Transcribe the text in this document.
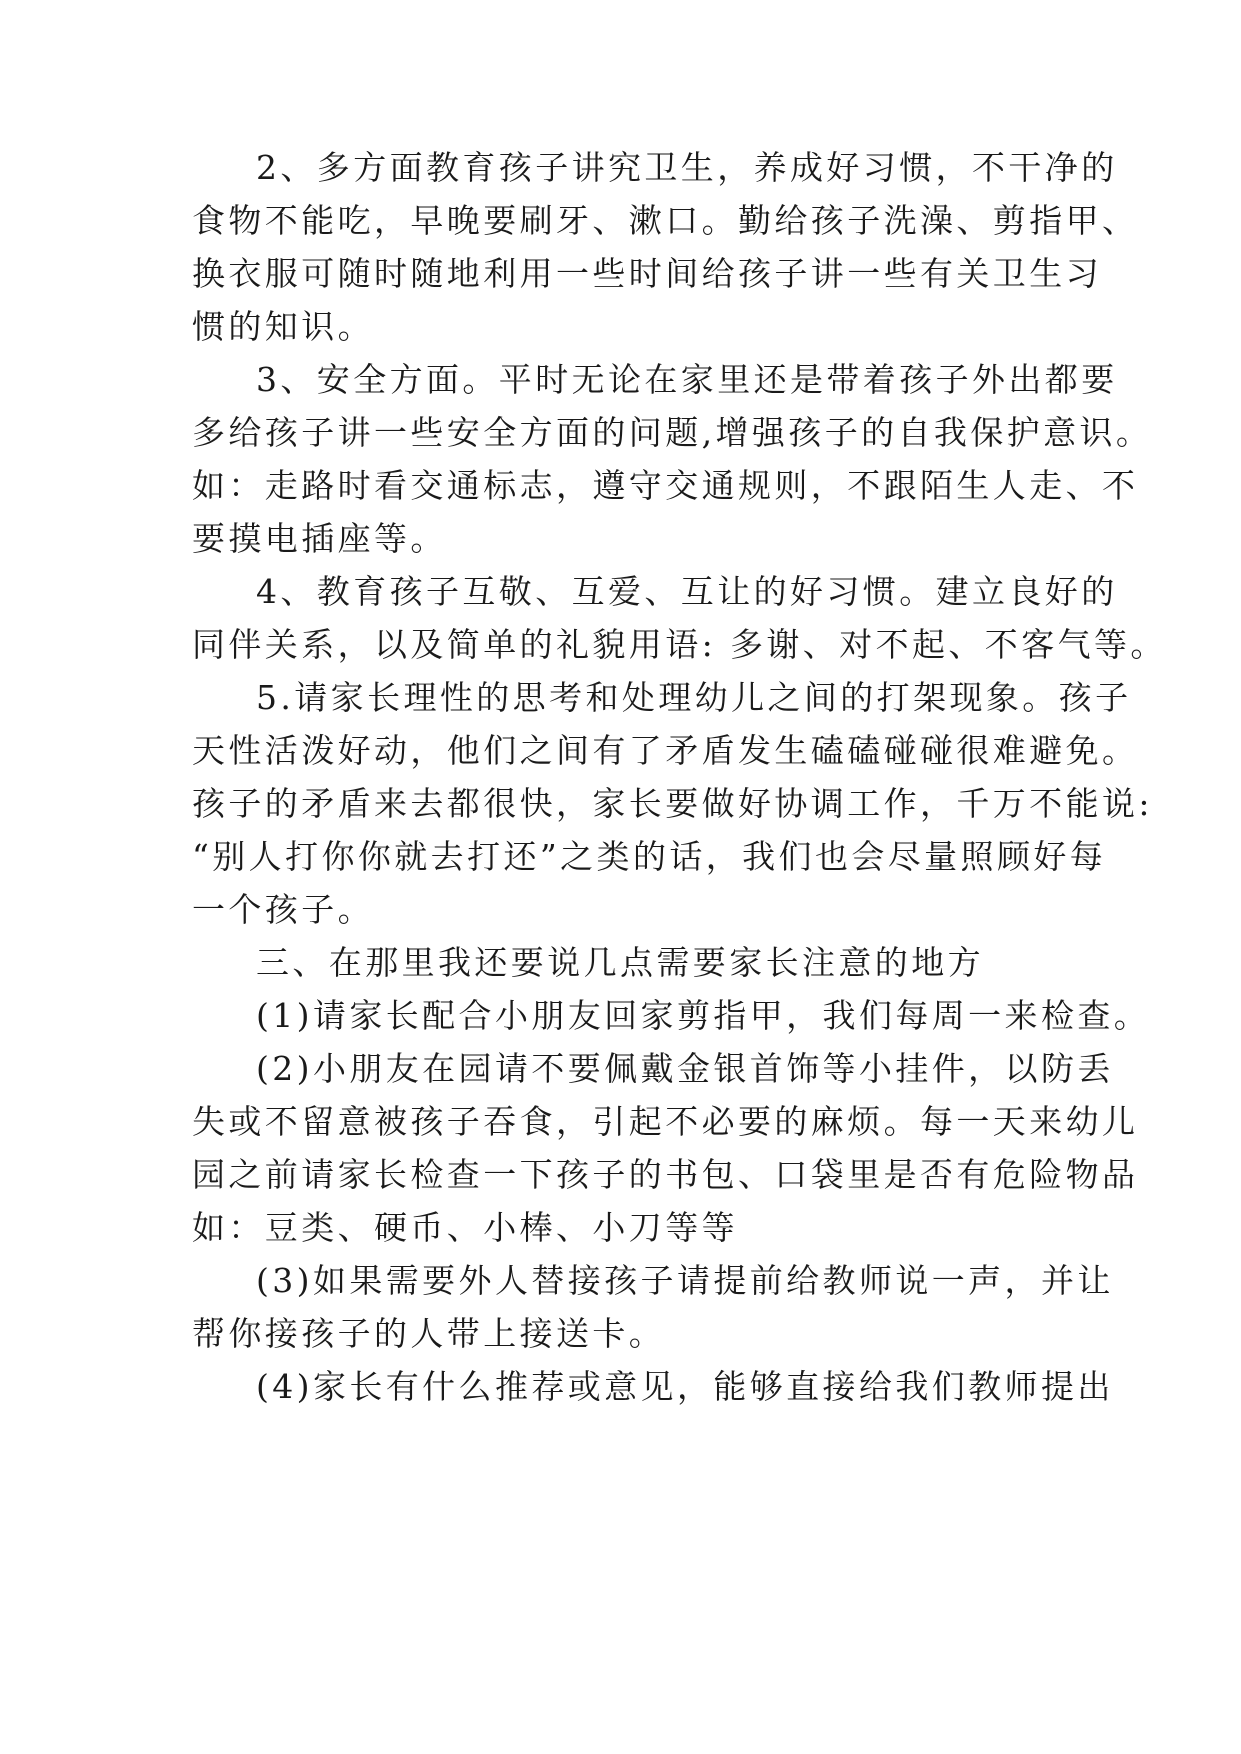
2、多方面教育孩子讲究卫生，养成好习惯，不干净的
食物不能吃，早晚要刷牙、漱口。勤给孩子洗澡、剪指甲、
换衣服可随时随地利用一些时间给孩子讲一些有关卫生习
惯的知识。
3、安全方面。平时无论在家里还是带着孩子外出都要
多给孩子讲一些安全方面的问题,增强孩子的自我保护意识。
如：走路时看交通标志，遵守交通规则，不跟陌生人走、不
要摸电插座等。
4、教育孩子互敬、互爱、互让的好习惯。建立良好的
同伴关系，以及简单的礼貌用语: 多谢、对不起、不客气等。
5.请家长理性的思考和处理幼儿之间的打架现象。孩子
天性活泼好动，他们之间有了矛盾发生磕磕碰碰很难避免。
孩子的矛盾来去都很快，家长要做好协调工作，千万不能说:
“别人打你你就去打还”之类的话，我们也会尽量照顾好每
一个孩子。
三、在那里我还要说几点需要家长注意的地方
(1)请家长配合小朋友回家剪指甲，我们每周一来检查。
(2)小朋友在园请不要佩戴金银首饰等小挂件，以防丢
失或不留意被孩子吞食，引起不必要的麻烦。每一天来幼儿
园之前请家长检查一下孩子的书包、口袋里是否有危险物品
如：豆类、硬币、小棒、小刀等等
(3)如果需要外人替接孩子请提前给教师说一声，并让
帮你接孩子的人带上接送卡。
(4)家长有什么推荐或意见，能够直接给我们教师提出
